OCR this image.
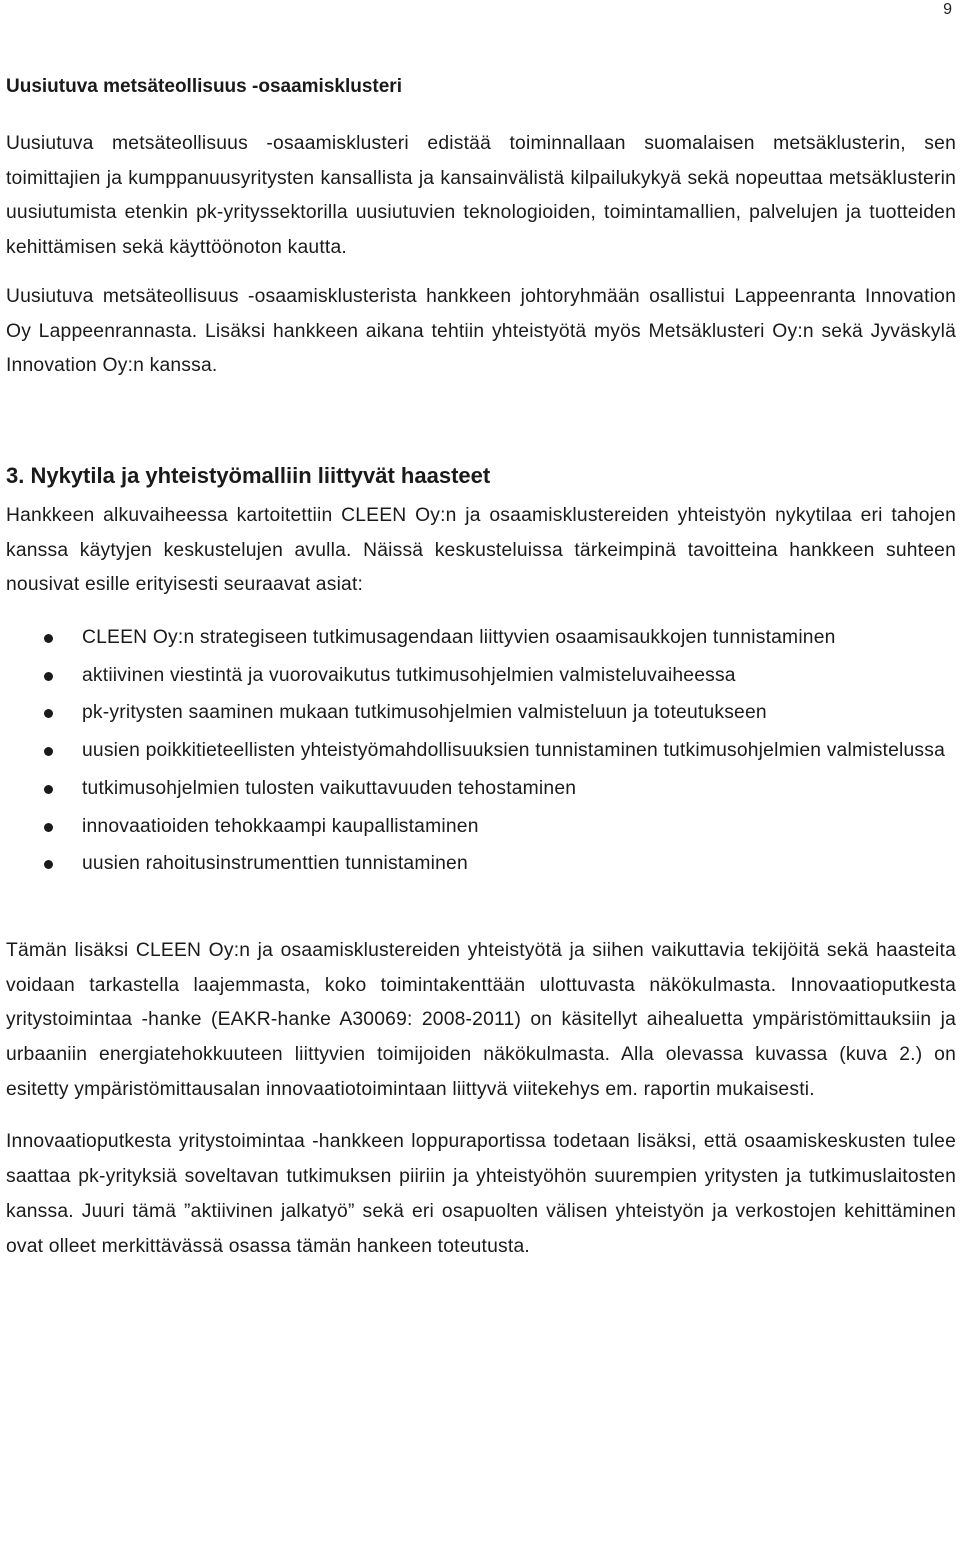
9
Uusiutuva metsäteollisuus -osaamisklusteri

Uusiutuva metsäteollisuus -osaamisklusteri edistää toiminnallaan suomalaisen metsäklusterin, sen toimittajien ja kumppanuusyritysten kansallista ja kansainvälistä kilpailukykyä sekä nopeuttaa metsäklusterin uusiutumista etenkin pk-yrityssektorilla uusiutuvien teknologioiden, toimintamallien, palvelujen ja tuotteiden kehittämisen sekä käyttöönoton kautta.

Uusiutuva metsäteollisuus -osaamisklusterista hankkeen johtoryhmään osallistui Lappeenranta Innovation Oy Lappeenrannasta. Lisäksi hankkeen aikana tehtiin yhteistyötä myös Metsäklusteri Oy:n sekä Jyväskylä Innovation Oy:n kanssa.

3. Nykytila ja yhteistyömalliin liittyvät haasteet

Hankkeen alkuvaiheessa kartoitettiin CLEEN Oy:n ja osaamisklustereiden yhteistyön nykytilaa eri tahojen kanssa käytyjen keskustelujen avulla. Näissä keskusteluissa tärkeimpinä tavoitteina hankkeen suhteen nousivat esille erityisesti seuraavat asiat:

CLEEN Oy:n strategiseen tutkimusagendaan liittyvien osaamisaukkojen tunnistaminen
aktiivinen viestintä ja vuorovaikutus tutkimusohjelmien valmisteluvaiheessa
pk-yritysten saaminen mukaan tutkimusohjelmien valmisteluun ja toteutukseen
uusien poikkitieteellisten yhteistyömahdollisuuksien tunnistaminen tutkimusohjelmien valmistelussa
tutkimusohjelmien tulosten vaikuttavuuden tehostaminen
innovaatioiden tehokkaampi kaupallistaminen
uusien rahoitusinstrumenttien tunnistaminen

Tämän lisäksi CLEEN Oy:n ja osaamisklustereiden yhteistyötä ja siihen vaikuttavia tekijöitä sekä haasteita voidaan tarkastella laajemmasta, koko toimintakenttään ulottuvasta näkökulmasta. Innovaatioputkesta yritystoimintaa -hanke (EAKR-hanke A30069: 2008-2011) on käsitellyt aihealuetta ympäristömittauksiin ja urbaaniin energiatehokkuuteen liittyvien toimijoiden näkökulmasta. Alla olevassa kuvassa (kuva 2.) on esitetty ympäristömittausalan innovaatiotoimintaan liittyvä viitekehys em. raportin mukaisesti.

Innovaatioputkesta yritystoimintaa -hankkeen loppuraportissa todetaan lisäksi, että osaamiskeskusten tulee saattaa pk-yrityksiä soveltavan tutkimuksen piiriin ja yhteistyöhön suurempien yritysten ja tutkimuslaitosten kanssa. Juuri tämä ”aktiivinen jalkatyö” sekä eri osapuolten välisen yhteistyön ja verkostojen kehittäminen ovat olleet merkittävässä osassa tämän hankeen toteutusta.
